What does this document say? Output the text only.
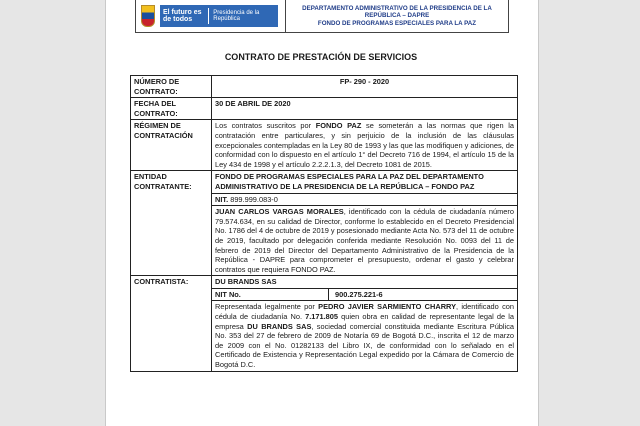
El futuro es de todos
Presidencia de la República
DEPARTAMENTO ADMINISTRATIVO DE LA PRESIDENCIA DE LA
REPÚBLICA – DAPRE
FONDO DE PROGRAMAS ESPECIALES PARA LA PAZ
CONTRATO DE PRESTACIÓN DE SERVICIOS
NÚMERO DE CONTRATO:	FP- 290 - 2020
FECHA DEL CONTRATO:	30 DE ABRIL DE 2020
RÉGIMEN DE CONTRATACIÓN	Los contratos suscritos por FONDO PAZ se someterán a las normas que rigen la contratación entre particulares, y sin perjuicio de la inclusión de las cláusulas excepcionales contempladas en la Ley 80 de 1993 y las que las modifiquen y adiciones, de conformidad con lo dispuesto en el artículo 1° del Decreto 716 de 1994, el artículo 15 de la Ley 434 de 1998 y el artículo 2.2.2.1.3, del Decreto 1081 de 2015.
ENTIDAD CONTRATANTE:	FONDO DE PROGRAMAS ESPECIALES PARA LA PAZ DEL DEPARTAMENTO ADMINISTRATIVO DE LA PRESIDENCIA DE LA REPÚBLICA – FONDO PAZ
	NIT. 899.999.083-0
	JUAN CARLOS VARGAS MORALES, identificado con la cédula de ciudadanía número 79.574.634, en su calidad de Director, conforme lo establecido en el Decreto Presidencial No. 1786 del 4 de octubre de 2019 y posesionado mediante Acta No. 573 del 11 de octubre de 2019, facultado por delegación conferida mediante Resolución No. 0093 del 11 de febrero de 2019 del Director del Departamento Administrativo de la Presidencia de la República - DAPRE para comprometer el presupuesto, ordenar el gasto y celebrar contratos que requiera FONDO PAZ.
CONTRATISTA:	DU BRANDS SAS

	NIT No. 900.275.221-6

	Representada legalmente por PEDRO JAVIER SARMIENTO CHARRY, identificado con cédula de ciudadanía No. 7.171.805 quien obra en calidad de representante legal de la empresa DU BRANDS SAS, sociedad comercial constituida mediante Escritura Pública No. 353 del 27 de febrero de 2009 de Notaría 69 de Bogotá D.C., inscrita el 12 de marzo de 2009 con el No. 01282133 del Libro IX, de conformidad con lo señalado en el Certificado de Existencia y Representación Legal expedido por la Cámara de Comercio de Bogotá D.C.
